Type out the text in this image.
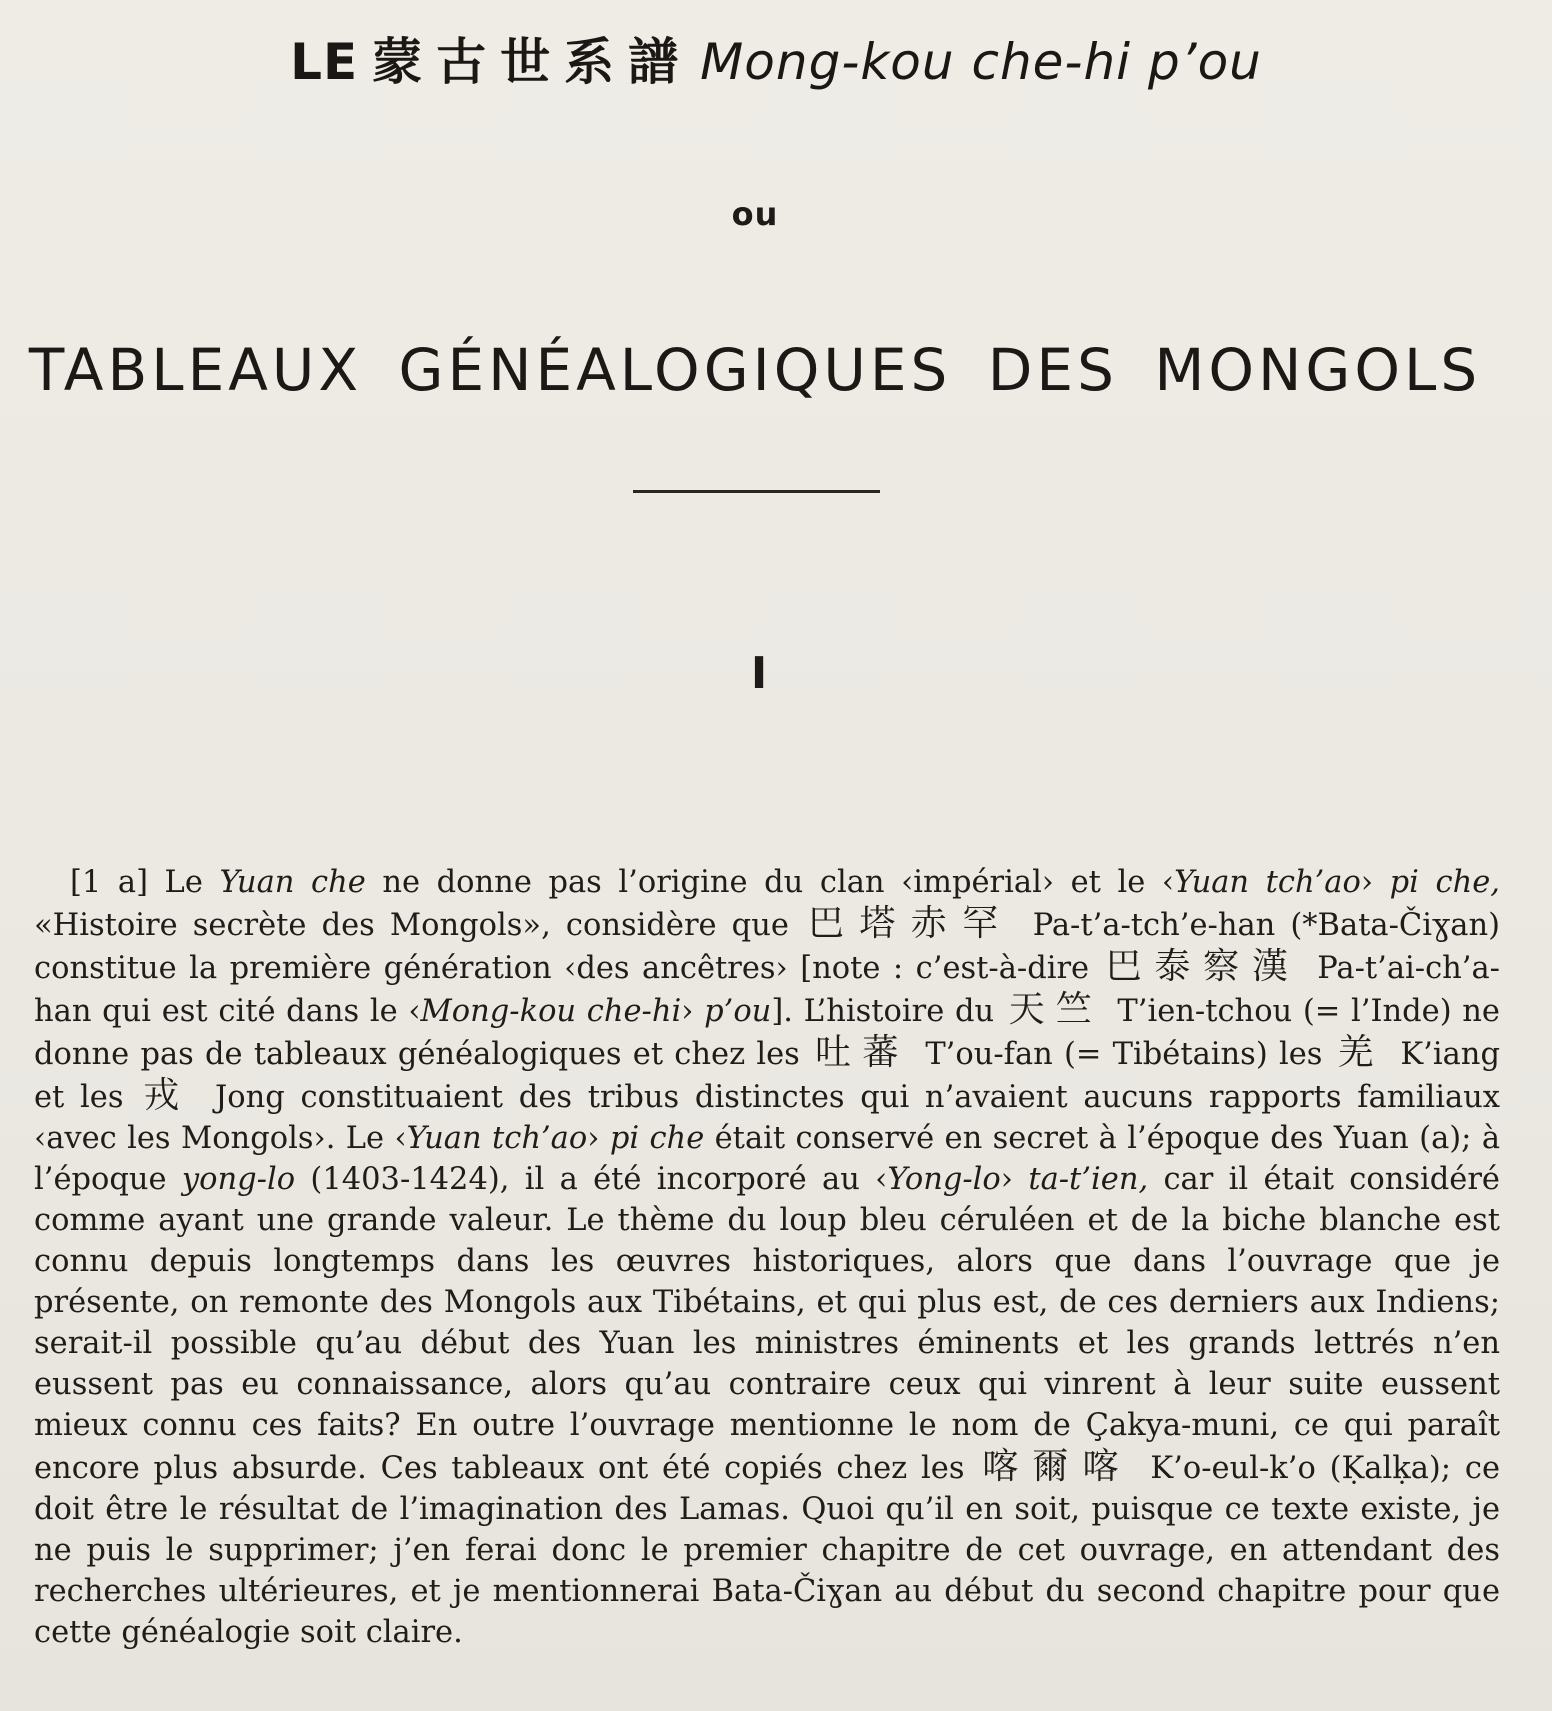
LE 蒙古世系譜 Mong-kou che-hi p’ou
ou
TABLEAUX GÉNÉALOGIQUES DES MONGOLS
I

[1 a] Le Yuan che ne donne pas l’origine du clan ‹impérial› et le ‹Yuan tch’ao› pi che, «Histoire secrète des Mongols», considère que 巴塔赤罕 Pa-t’a-tch’e-han (*Bata-Čiɣan) constitue la première génération ‹des ancêtres› [note : c’est-à-dire 巴泰察漢 Pa-t’ai-ch’a-han qui est cité dans le ‹Mong-kou che-hi› p’ou]. L’histoire du 天竺 T’ien-tchou (= l’Inde) ne donne pas de tableaux généalogiques et chez les 吐蕃 T’ou-fan (= Tibétains) les 羌 K’iang et les 戎 Jong constituaient des tribus distinctes qui n’avaient aucuns rapports familiaux ‹avec les Mongols›. Le ‹Yuan tch’ao› pi che était conservé en secret à l’époque des Yuan (a); à l’époque yong-lo (1403-1424), il a été incorporé au ‹Yong-lo› ta-t’ien, car il était considéré comme ayant une grande valeur. Le thème du loup bleu céruléen et de la biche blanche est connu depuis longtemps dans les œuvres historiques, alors que dans l’ouvrage que je présente, on remonte des Mongols aux Tibétains, et qui plus est, de ces derniers aux Indiens; serait-il possible qu’au début des Yuan les ministres éminents et les grands lettrés n’en eussent pas eu connaissance, alors qu’au contraire ceux qui vinrent à leur suite eussent mieux connu ces faits? En outre l’ouvrage mentionne le nom de Çakya-muni, ce qui paraît encore plus absurde. Ces tableaux ont été copiés chez les 喀爾喀 K’o-eul-k’o (Ḳalḳa); ce doit être le résultat de l’imagination des Lamas. Quoi qu’il en soit, puisque ce texte existe, je ne puis le supprimer; j’en ferai donc le premier chapitre de cet ouvrage, en attendant des recherches ultérieures, et je mentionnerai Bata-Čiɣan au début du second chapitre pour que cette généalogie soit claire.
